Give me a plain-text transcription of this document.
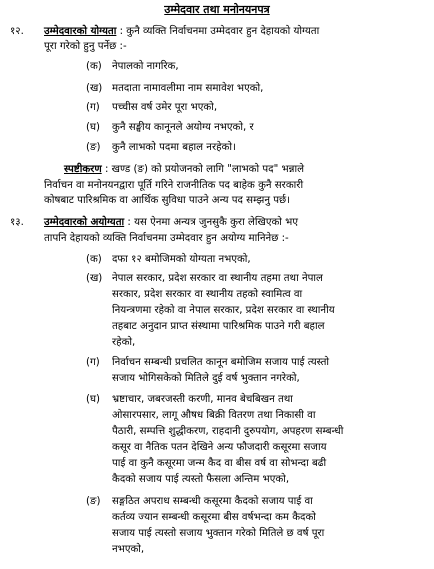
उम्मेदवार तथा मनोनयनपत्र
१२. उम्मेदवारको योग्यता : कुनै व्यक्ति निर्वाचनमा उम्मेदवार हुन देहायको योग्यता
पूरा गरेको हुनु पर्नेछ :-
(क) नेपालको नागरिक,
(ख) मतदाता नामावलीमा नाम समावेश भएको,
(ग) पच्चीस वर्ष उमेर पूरा भएको,
(घ) कुनै सङ्घीय कानूनले अयोग्य नभएको, र
(ङ) कुनै लाभको पदमा बहाल नरहेको।
स्पष्टीकरण : खण्ड (ङ) को प्रयोजनको लागि "लाभको पद" भन्नाले
निर्वाचन वा मनोनयनद्वारा पूर्ति गरिने राजनीतिक पद बाहेक कुनै सरकारी
कोषबाट पारिश्रमिक वा आर्थिक सुविधा पाउने अन्य पद सम्झनु पर्छ।
१३. उम्मेदवारको अयोग्यता : यस ऐनमा अन्यत्र जुनसुकै कुरा लेखिएको भए
तापनि देहायको व्यक्ति निर्वाचनमा उम्मेदवार हुन अयोग्य मानिनेछ :-
(क) दफा १२ बमोजिमको योग्यता नभएको,
(ख) नेपाल सरकार, प्रदेश सरकार वा स्थानीय तहमा तथा नेपाल
सरकार, प्रदेश सरकार वा स्थानीय तहको स्वामित्व वा
नियन्त्रणमा रहेको वा नेपाल सरकार, प्रदेश सरकार वा स्थानीय
तहबाट अनुदान प्राप्त संस्थामा पारिश्रमिक पाउने गरी बहाल
रहेको,
(ग) निर्वाचन सम्बन्धी प्रचलित कानून बमोजिम सजाय पाई त्यस्तो
सजाय भोगिसकेको मितिले दुई वर्ष भुक्तान नगरेको,
(घ) भ्रष्टाचार, जबरजस्ती करणी, मानव बेचबिखन तथा
ओसारपसार, लागू औषध बिक्री वितरण तथा निकासी वा
पैठारी, सम्पत्ति शुद्धीकरण, राहदानी दुरुपयोग, अपहरण सम्बन्धी
कसूर वा नैतिक पतन देखिने अन्य फौजदारी कसूरमा सजाय
पाई वा कुनै कसूरमा जन्म कैद वा बीस वर्ष वा सोभन्दा बढी
कैदको सजाय पाई त्यस्तो फैसला अन्तिम भएको,
(ङ) सङ्गठित अपराध सम्बन्धी कसूरमा कैदको सजाय पाई वा
कर्तव्य ज्यान सम्बन्धी कसूरमा बीस वर्षभन्दा कम कैदको
सजाय पाई त्यस्तो सजाय भुक्तान गरेको मितिले छ वर्ष पूरा
नभएको,
